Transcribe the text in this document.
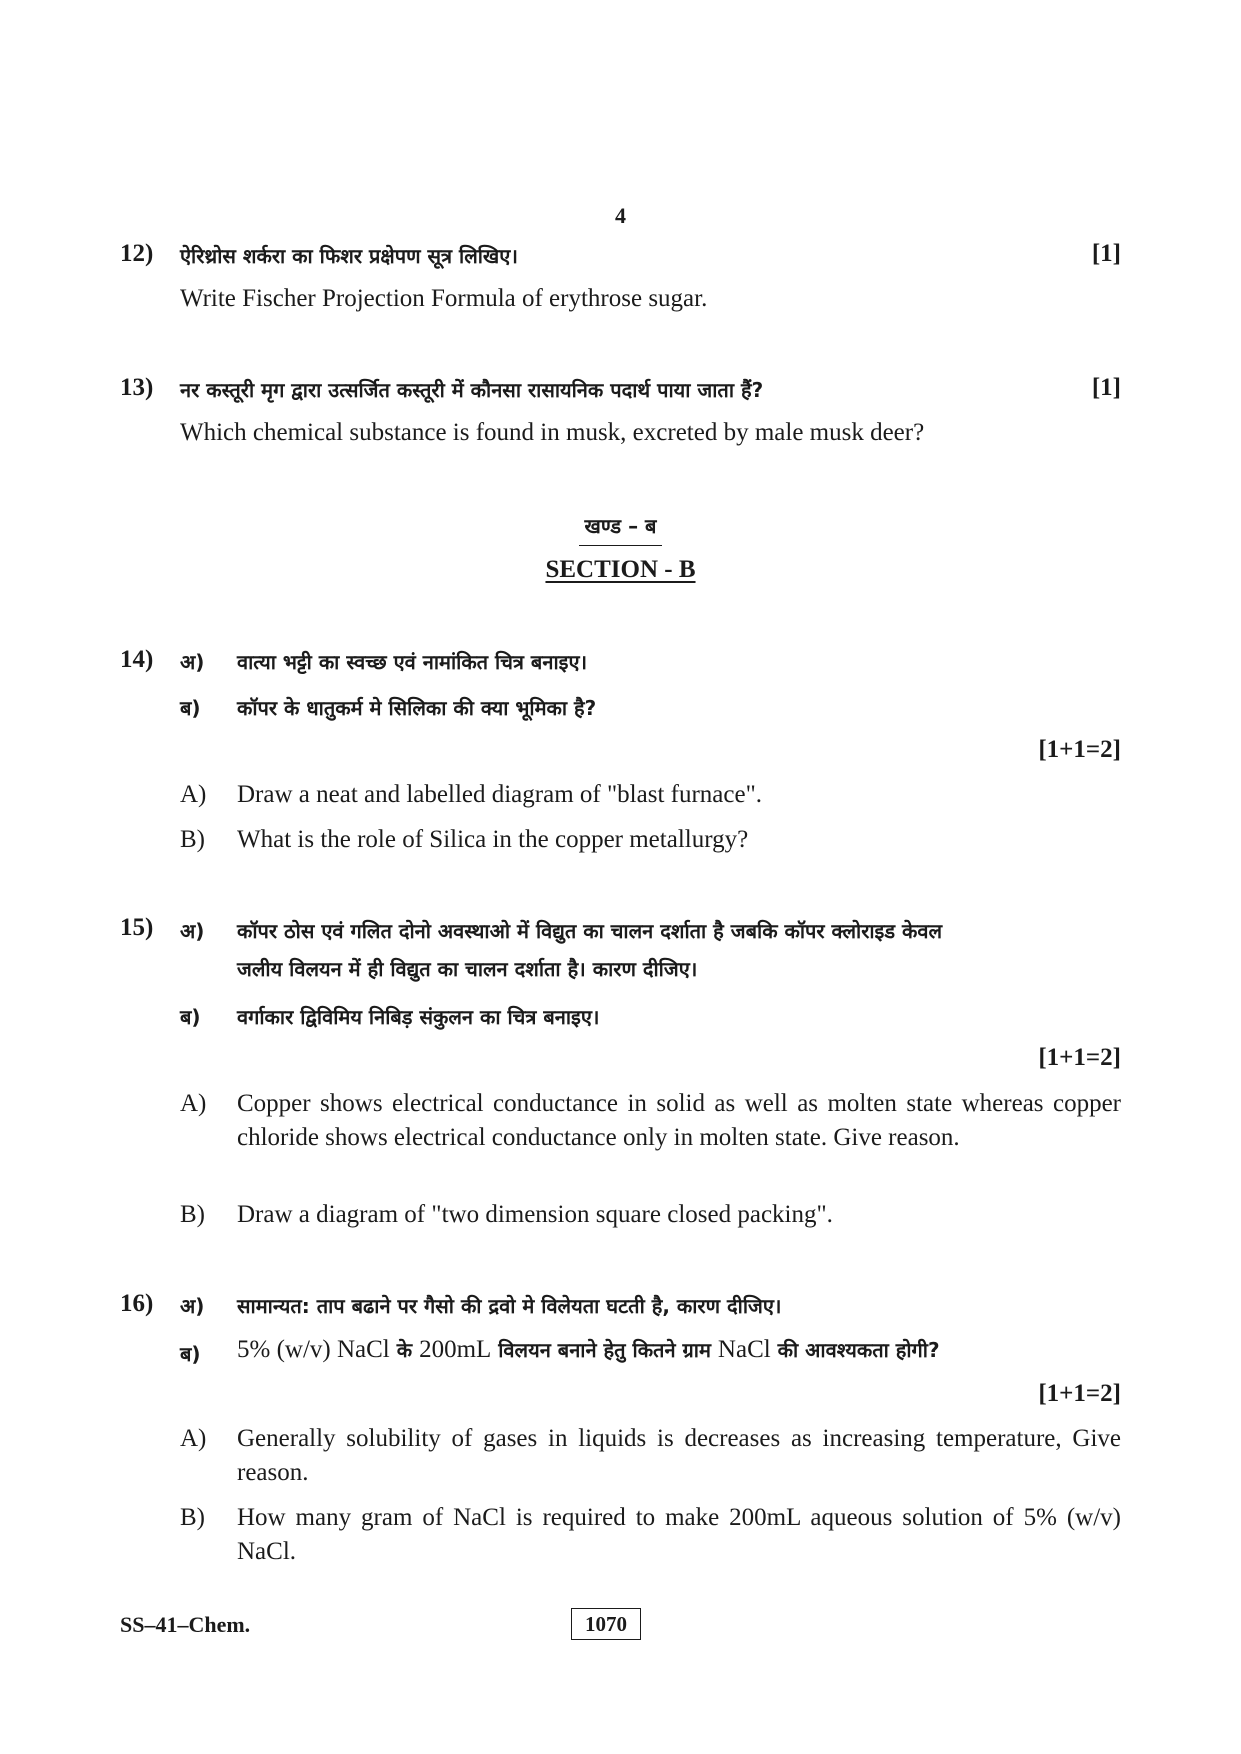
4
12) ऐरिथ्रोस शर्करा का फिशर प्रक्षेपण सूत्र लिखिए।	[1]
Write Fischer Projection Formula of erythrose sugar.
13) नर कस्तूरी मृग द्वारा उत्सर्जित कस्तूरी में कौनसा रासायनिक पदार्थ पाया जाता हैं?	[1]
Which chemical substance is found in musk, excreted by male musk deer?
खण्ड – ब
SECTION - B
14) अ) वात्या भट्टी का स्वच्छ एवं नामांकित चित्र बनाइए।
ब) कॉपर के धातुकर्म मे सिलिका की क्या भूमिका है?
[1+1=2]
A) Draw a neat and labelled diagram of "blast furnace".
B) What is the role of Silica in the copper metallurgy?
15) अ) कॉपर ठोस एवं गलित दोनो अवस्थाओ में विद्युत का चालन दर्शाता है जबकि कॉपर क्लोराइड केवल
जलीय विलयन में ही विद्युत का चालन दर्शाता है। कारण दीजिए।
ब) वर्गाकार द्विविमिय निबिड़ संकुलन का चित्र बनाइए।
[1+1=2]
A) Copper shows electrical conductance in solid as well as molten state whereas copper chloride shows electrical conductance only in molten state. Give reason.
B) Draw a diagram of "two dimension square closed packing".
16) अ) सामान्यत: ताप बढाने पर गैसो की द्रवो मे विलेयता घटती है, कारण दीजिए।
ब) 5% (w/v) NaCl के 200mL विलयन बनाने हेतु कितने ग्राम NaCl की आवश्यकता होगी?
[1+1=2]
A) Generally solubility of gases in liquids is decreases as increasing temperature, Give reason.
B) How many gram of NaCl is required to make 200mL aqueous solution of 5% (w/v) NaCl.
SS–41–Chem.	1070
